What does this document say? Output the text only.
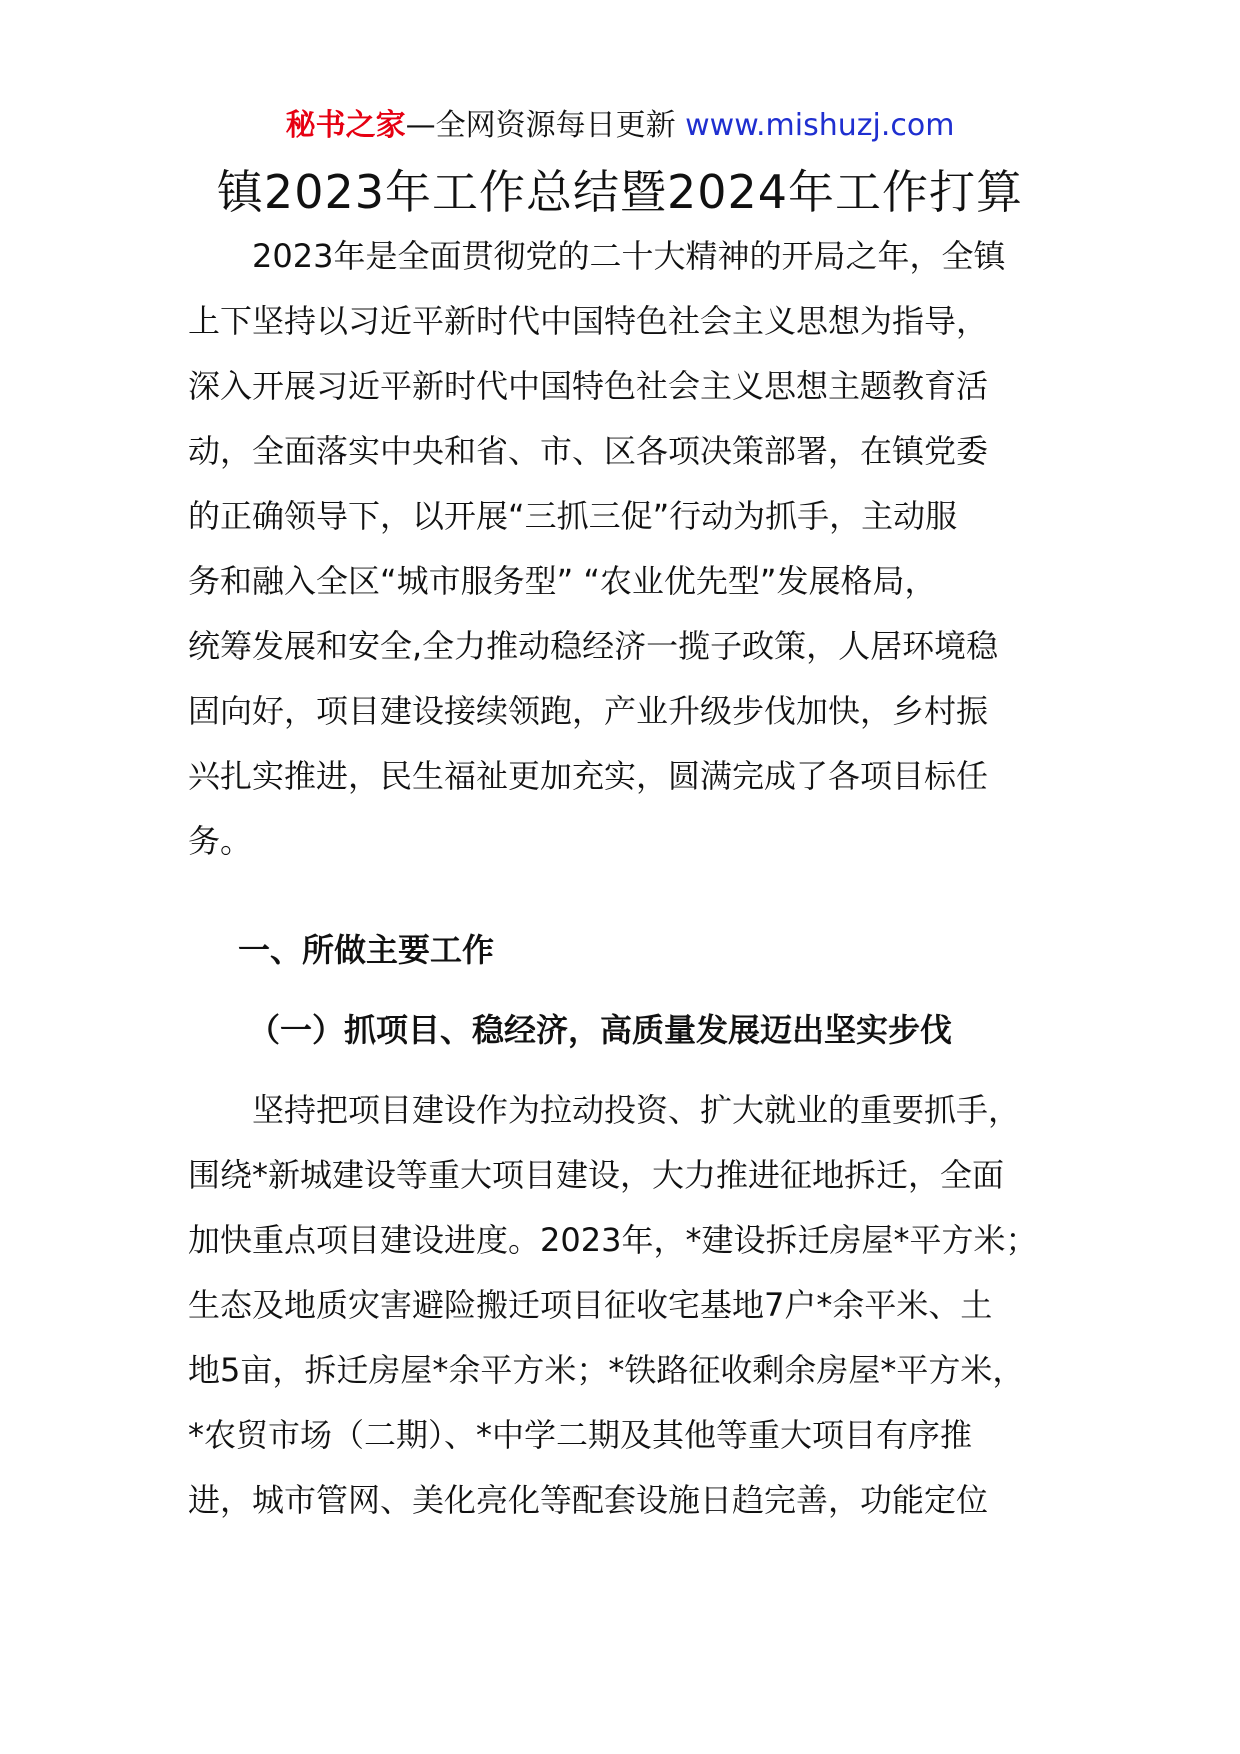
秘书之家—全网资源每日更新 www.mishuzj.com
镇2023年工作总结暨2024年工作打算

　　2023年是全面贯彻党的二十大精神的开局之年，全镇
上下坚持以习近平新时代中国特色社会主义思想为指导，
深入开展习近平新时代中国特色社会主义思想主题教育活
动，全面落实中央和省、市、区各项决策部署，在镇党委
的正确领导下，以开展“三抓三促”行动为抓手，主动服
务和融入全区“城市服务型” “农业优先型”发展格局，
统筹发展和安全,全力推动稳经济一揽子政策，人居环境稳
固向好，项目建设接续领跑，产业升级步伐加快，乡村振
兴扎实推进，民生福祉更加充实，圆满完成了各项目标任
务。

一、所做主要工作
（一）抓项目、稳经济，高质量发展迈出坚实步伐

　　坚持把项目建设作为拉动投资、扩大就业的重要抓手，
围绕*新城建设等重大项目建设，大力推进征地拆迁，全面
加快重点项目建设进度。2023年，*建设拆迁房屋*平方米；
生态及地质灾害避险搬迁项目征收宅基地7户*余平米、土
地5亩，拆迁房屋*余平方米；*铁路征收剩余房屋*平方米，
*农贸市场（二期）、*中学二期及其他等重大项目有序推
进，城市管网、美化亮化等配套设施日趋完善，功能定位
